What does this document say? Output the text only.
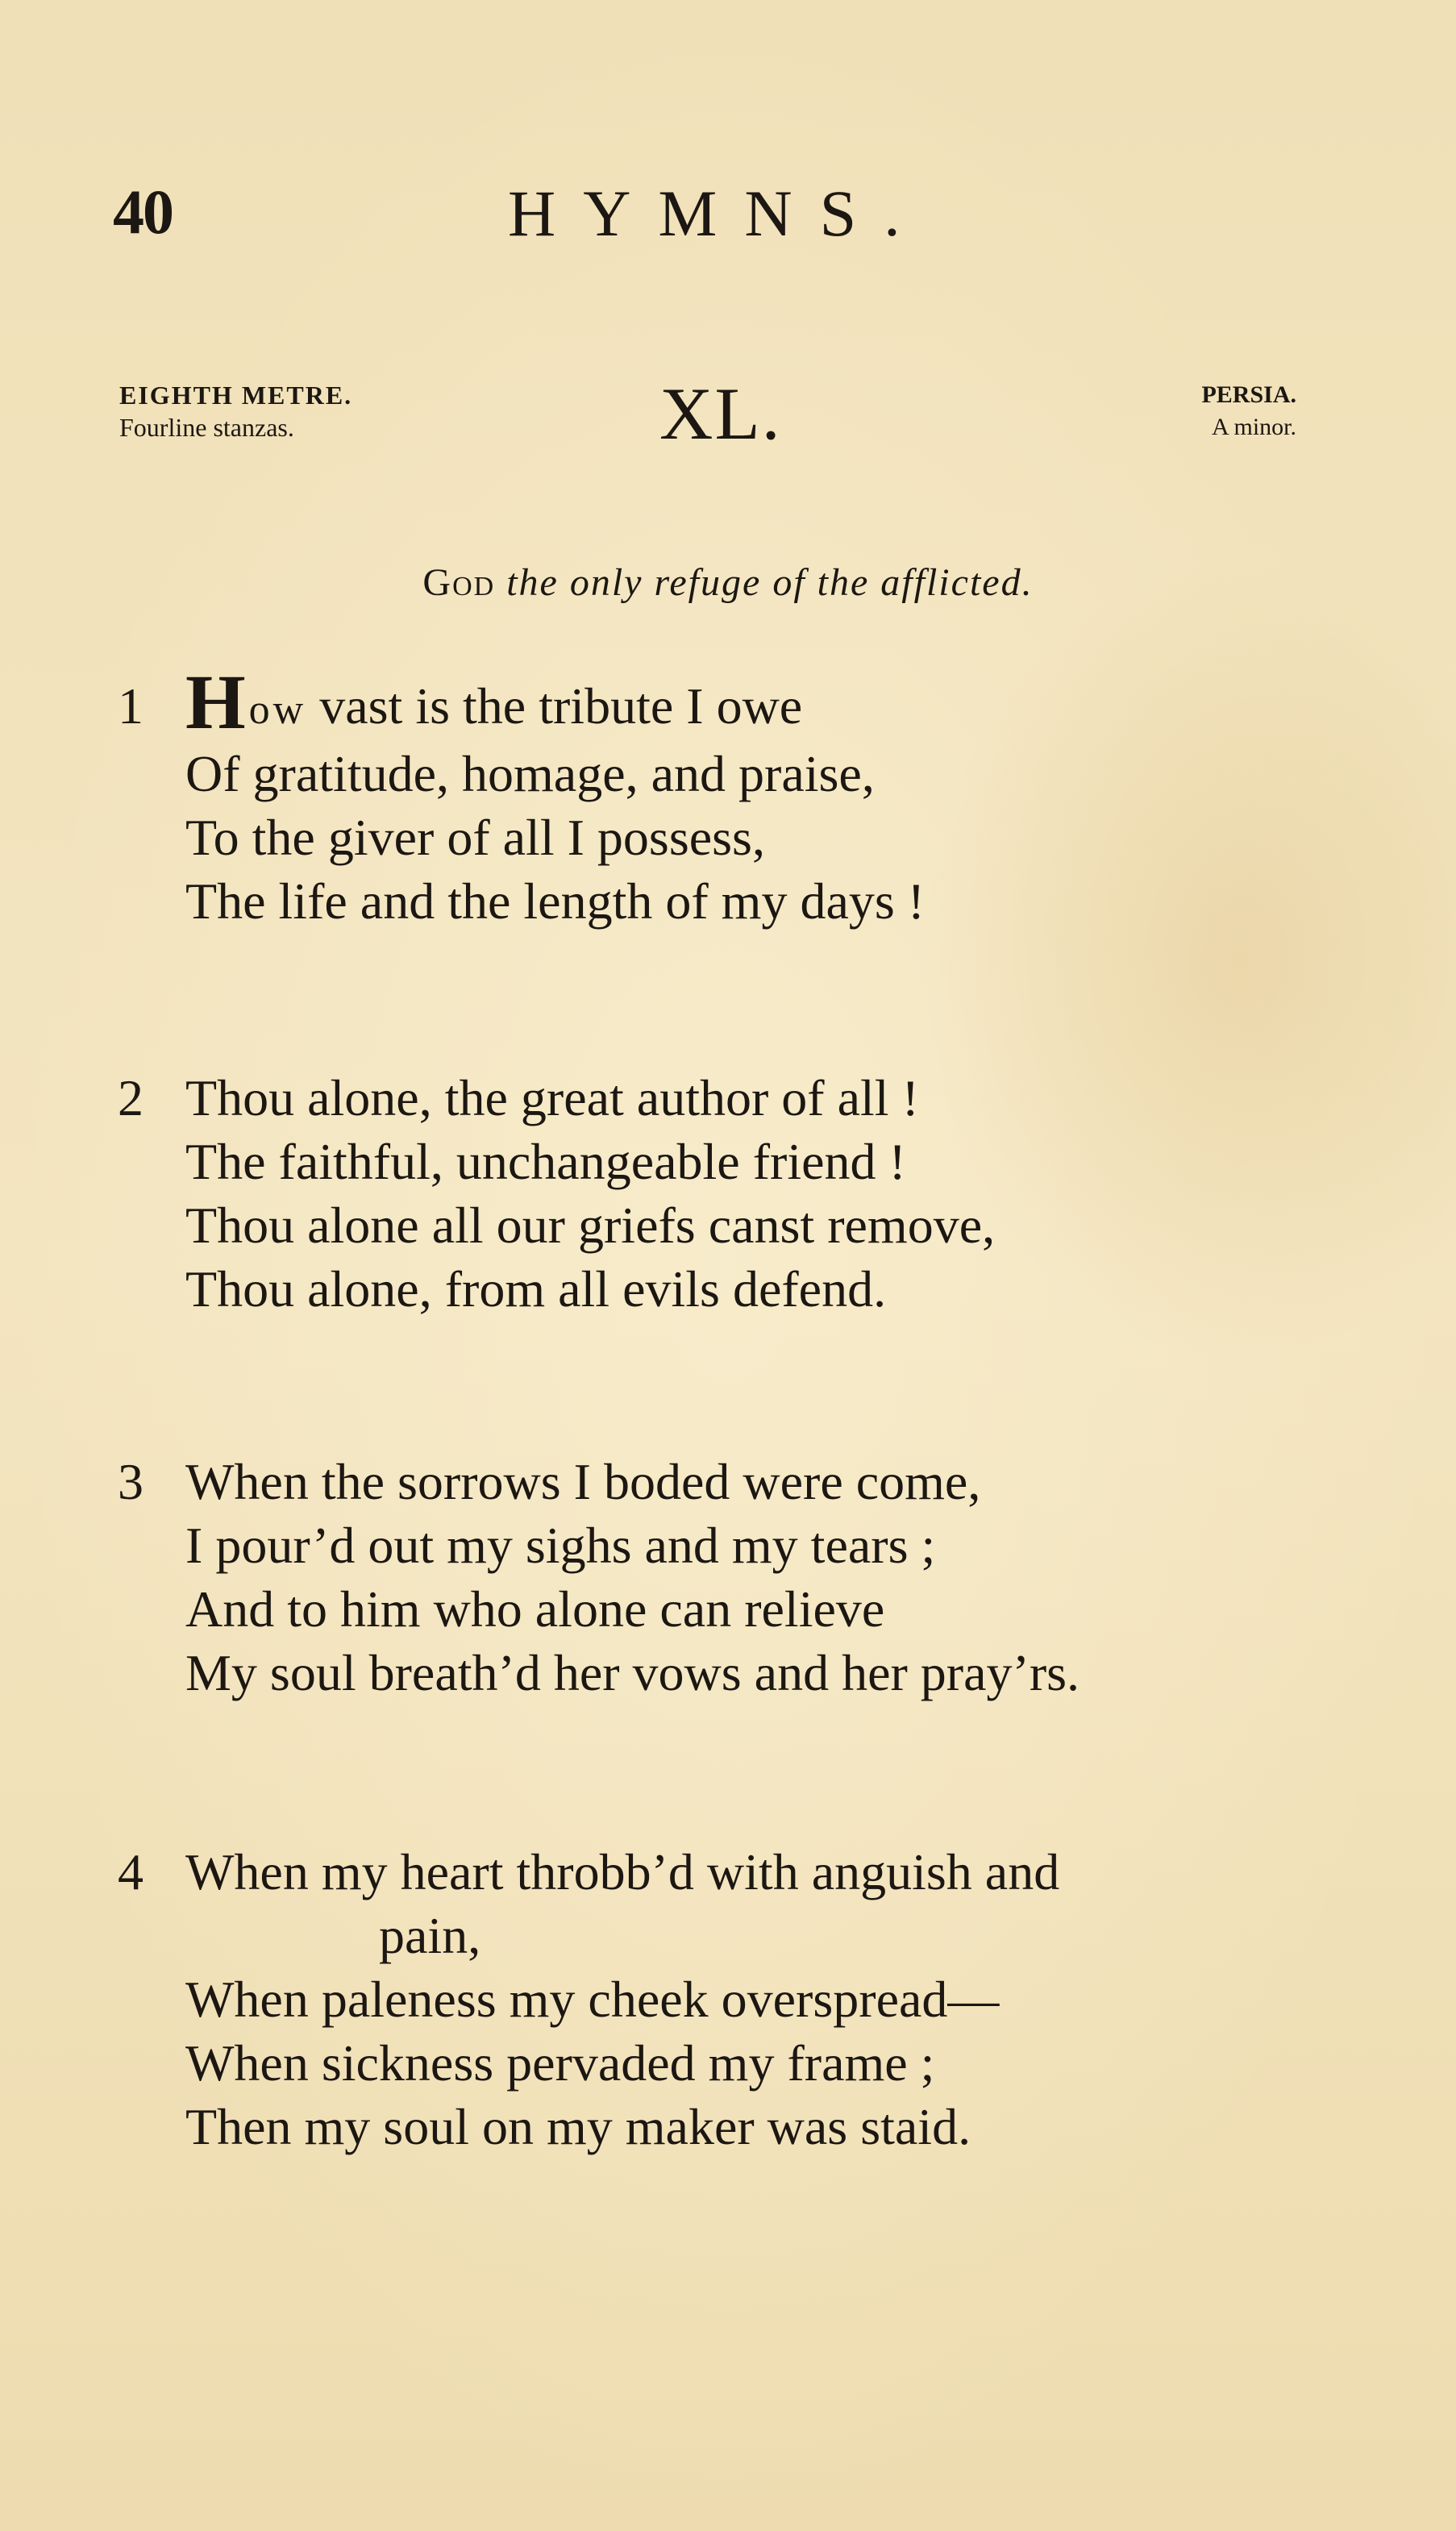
40	HYMNS.
EIGHTH METRE.
Fourline stanzas.	XL.	PERSIA.
A minor.
God the only refuge of the afflicted.
1 How vast is the tribute I owe
Of gratitude, homage, and praise,
To the giver of all I possess,
The life and the length of my days !
2 Thou alone, the great author of all !
The faithful, unchangeable friend !
Thou alone all our griefs canst remove,
Thou alone, from all evils defend.
3 When the sorrows I boded were come,
I pour’d out my sighs and my tears ;
And to him who alone can relieve
My soul breath’d her vows and her pray’rs.
4 When my heart throbb’d with anguish and
pain,
When paleness my cheek overspread—
When sickness pervaded my frame ;
Then my soul on my maker was staid.
